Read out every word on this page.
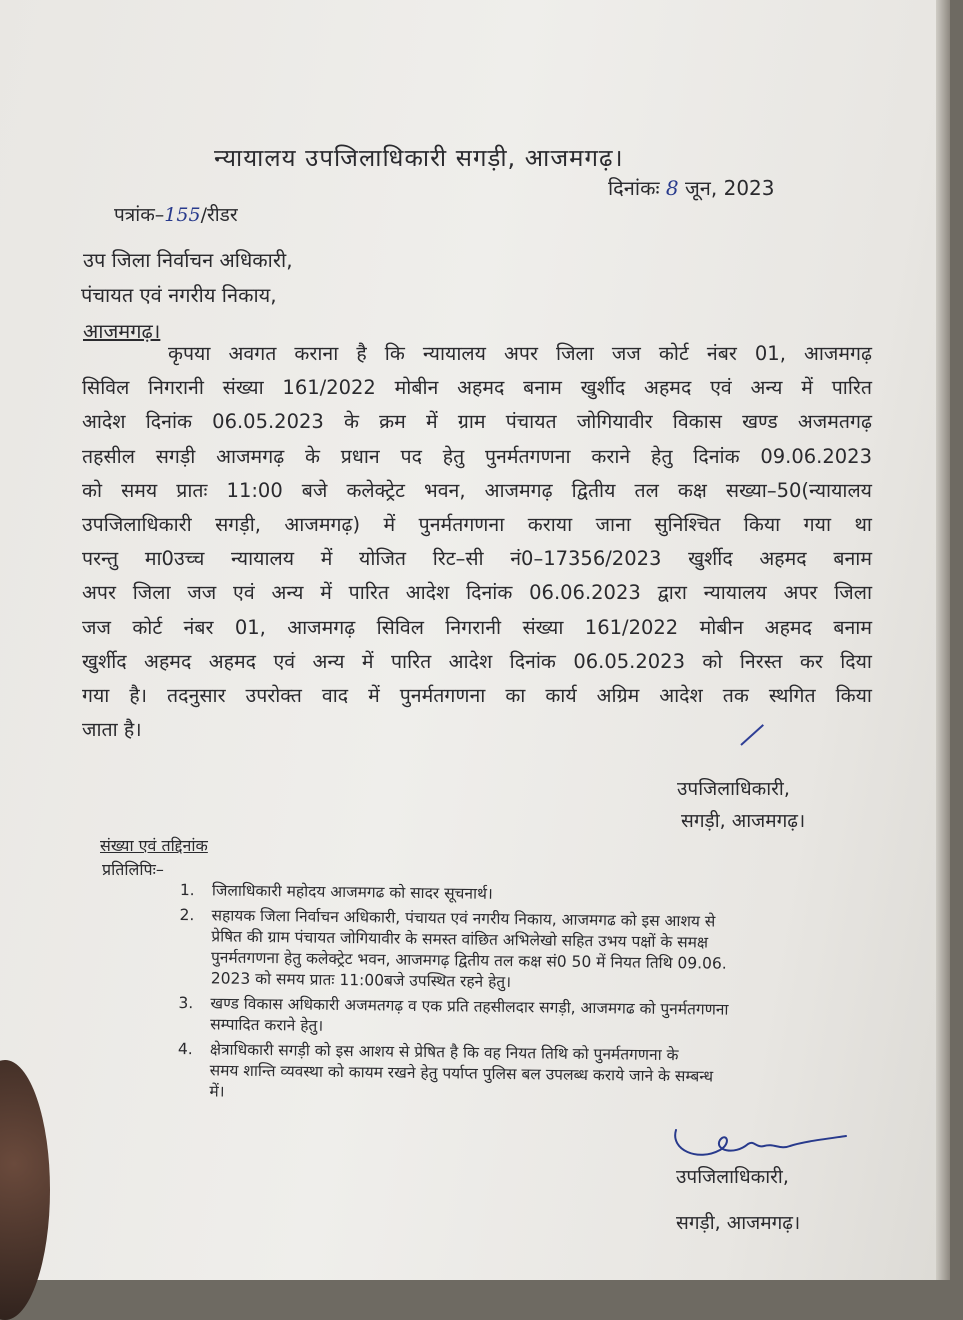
न्यायालय उपजिलाधिकारी सगड़ी, आजमगढ़।
दिनांकः 8 जून, 2023
पत्रांक–155/रीडर
उप जिला निर्वाचन अधिकारी,
पंचायत एवं नगरीय निकाय,
आजमगढ़।
कृपया अवगत कराना है कि न्यायालय अपर जिला जज कोर्ट नंबर 01, आजमगढ़
सिविल निगरानी संख्या 161/2022 मोबीन अहमद बनाम खुर्शीद अहमद एवं अन्य में पारित
आदेश दिनांक 06.05.2023 के क्रम में ग्राम पंचायत जोगियावीर विकास खण्ड अजमतगढ़
तहसील सगड़ी आजमगढ़ के प्रधान पद हेतु पुनर्मतगणना कराने हेतु दिनांक 09.06.2023
को समय प्रातः 11:00 बजे कलेक्ट्रेट भवन, आजमगढ़ द्वितीय तल कक्ष सख्या–50(न्यायालय
उपजिलाधिकारी सगड़ी, आजमगढ़) में पुनर्मतगणना कराया जाना सुनिश्चित किया गया था
परन्तु मा0उच्च न्यायालय में योजित रिट–सी नं0–17356/2023 खुर्शीद अहमद बनाम
अपर जिला जज एवं अन्य में पारित आदेश दिनांक 06.06.2023 द्वारा न्यायालय अपर जिला
जज कोर्ट नंबर 01, आजमगढ़ सिविल निगरानी संख्या 161/2022 मोबीन अहमद बनाम
खुर्शीद अहमद अहमद एवं अन्य में पारित आदेश दिनांक 06.05.2023 को निरस्त कर दिया
गया है। तदनुसार उपरोक्त वाद में पुनर्मतगणना का कार्य अग्रिम आदेश तक स्थगित किया
जाता है।
उपजिलाधिकारी,
सगड़ी, आजमगढ़।
संख्या एवं तद्दिनांक
प्रतिलिपिः–
1. जिलाधिकारी महोदय आजमगढ को सादर सूचनार्थ।
2. सहायक जिला निर्वाचन अधिकारी, पंचायत एवं नगरीय निकाय, आजमगढ को इस आशय से
प्रेषित की ग्राम पंचायत जोगियावीर के समस्त वांछित अभिलेखो सहित उभय पक्षों के समक्ष
पुनर्मतगणना हेतु कलेक्ट्रेट भवन, आजमगढ़ द्वितीय तल कक्ष सं0 50 में नियत तिथि 09.06.
2023 को समय प्रातः 11:00बजे उपस्थित रहने हेतु।
3. खण्ड विकास अधिकारी अजमतगढ़ व एक प्रति तहसीलदार सगड़ी, आजमगढ को पुनर्मतगणना
सम्पादित कराने हेतु।
4. क्षेत्राधिकारी सगड़ी को इस आशय से प्रेषित है कि वह नियत तिथि को पुनर्मतगणना के
समय शान्ति व्यवस्था को कायम रखने हेतु पर्याप्त पुलिस बल उपलब्ध कराये जाने के सम्बन्ध
में।
उपजिलाधिकारी,
सगड़ी, आजमगढ़।
